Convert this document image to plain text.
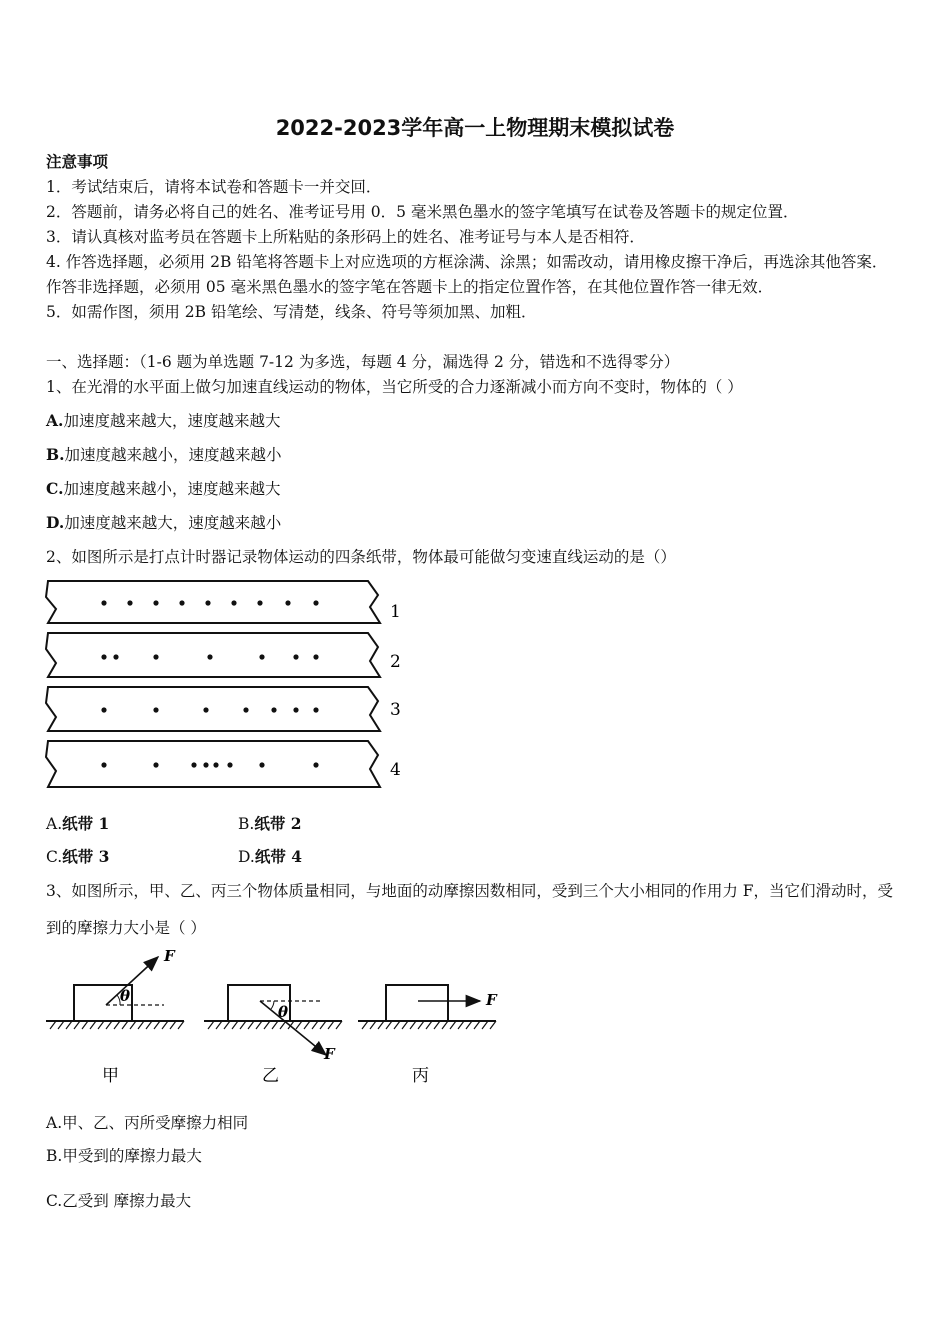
2022-2023学年高一上物理期末模拟试卷
注意事项
1．考试结束后，请将本试卷和答题卡一并交回．
2．答题前，请务必将自己的姓名、准考证号用 0．5 毫米黑色墨水的签字笔填写在试卷及答题卡的规定位置．
3．请认真核对监考员在答题卡上所粘贴的条形码上的姓名、准考证号与本人是否相符．
4. 作答选择题，必须用 2B 铅笔将答题卡上对应选项的方框涂满、涂黑；如需改动，请用橡皮擦干净后，再选涂其他答案．
作答非选择题，必须用 05 毫米黑色墨水的签字笔在答题卡上的指定位置作答，在其他位置作答一律无效．
5．如需作图，须用 2B 铅笔绘、写清楚，线条、符号等须加黑、加粗．
一、选择题：（1-6 题为单选题 7-12 为多选，每题 4 分，漏选得 2 分，错选和不选得零分）
1、在光滑的水平面上做匀加速直线运动的物体，当它所受的合力逐渐减小而方向不变时，物体的（ ）
A.加速度越来越大，速度越来越大
B.加速度越来越小，速度越来越小
C.加速度越来越小，速度越来越大
D.加速度越来越大，速度越来越小
2、如图所示是打点计时器记录物体运动的四条纸带，物体最可能做匀变速直线运动的是（）
1
2
3
4
A.纸带 1	B.纸带 2
C.纸带 3	D.纸带 4
3、如图所示，甲、乙、丙三个物体质量相同，与地面的动摩擦因数相同，受到三个大小相同的作用力 F，当它们滑动时，受
到的摩擦力大小是（ ）
F
θ
F
θ
F
甲	乙	丙
A.甲、乙、丙所受摩擦力相同
B.甲受到的摩擦力最大
C.乙受到 摩擦力最大
